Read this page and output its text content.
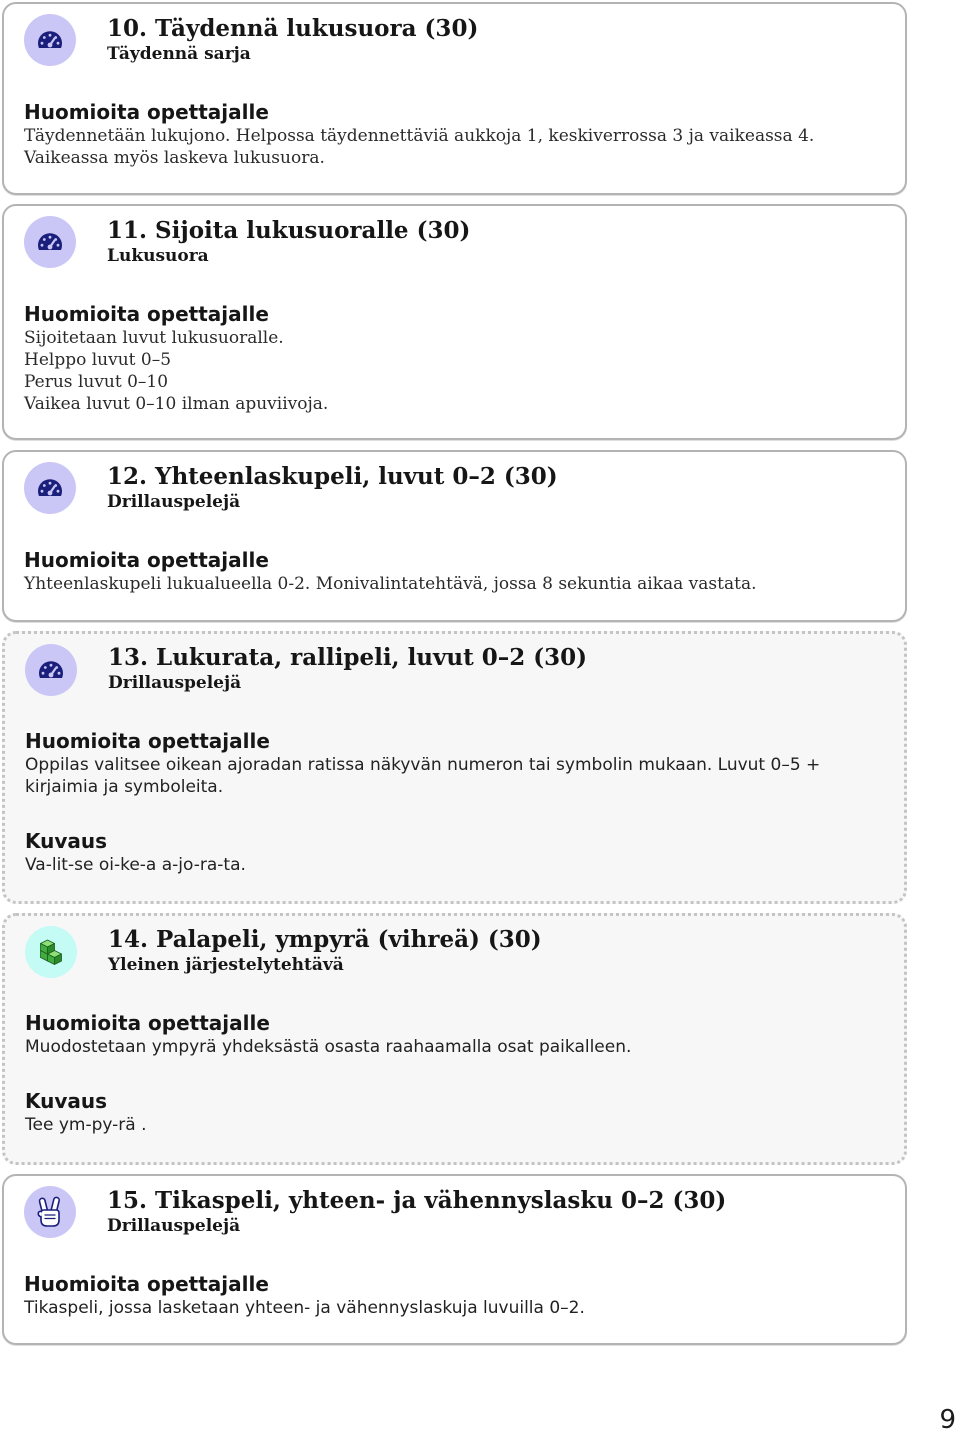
10. Täydennä lukusuora (30)
Täydennä sarja
Huomioita opettajalle
Täydennetään lukujono. Helpossa täydennettäviä aukkoja 1, keskiverrossa 3 ja vaikeassa 4.
Vaikeassa myös laskeva lukusuora.
11. Sijoita lukusuoralle (30)
Lukusuora
Huomioita opettajalle
Sijoitetaan luvut lukusuoralle.
Helppo luvut 0–5
Perus luvut 0–10
Vaikea luvut 0–10 ilman apuviivoja.
12. Yhteenlaskupeli, luvut 0–2 (30)
Drillauspelejä
Huomioita opettajalle
Yhteenlaskupeli lukualueella 0-2. Monivalintatehtävä, jossa 8 sekuntia aikaa vastata.
13. Lukurata, rallipeli, luvut 0–2 (30)
Drillauspelejä
Huomioita opettajalle
Oppilas valitsee oikean ajoradan ratissa näkyvän numeron tai symbolin mukaan. Luvut 0–5 +
kirjaimia ja symboleita.
Kuvaus
Va-lit-se oi-ke-a a-jo-ra-ta.
14. Palapeli, ympyrä (vihreä) (30)
Yleinen järjestelytehtävä
Huomioita opettajalle
Muodostetaan ympyrä yhdeksästä osasta raahaamalla osat paikalleen.
Kuvaus
Tee ym-py-rä .
15. Tikaspeli, yhteen- ja vähennyslasku 0–2 (30)
Drillauspelejä
Huomioita opettajalle
Tikaspeli, jossa lasketaan yhteen- ja vähennyslaskuja luvuilla 0–2.
9
